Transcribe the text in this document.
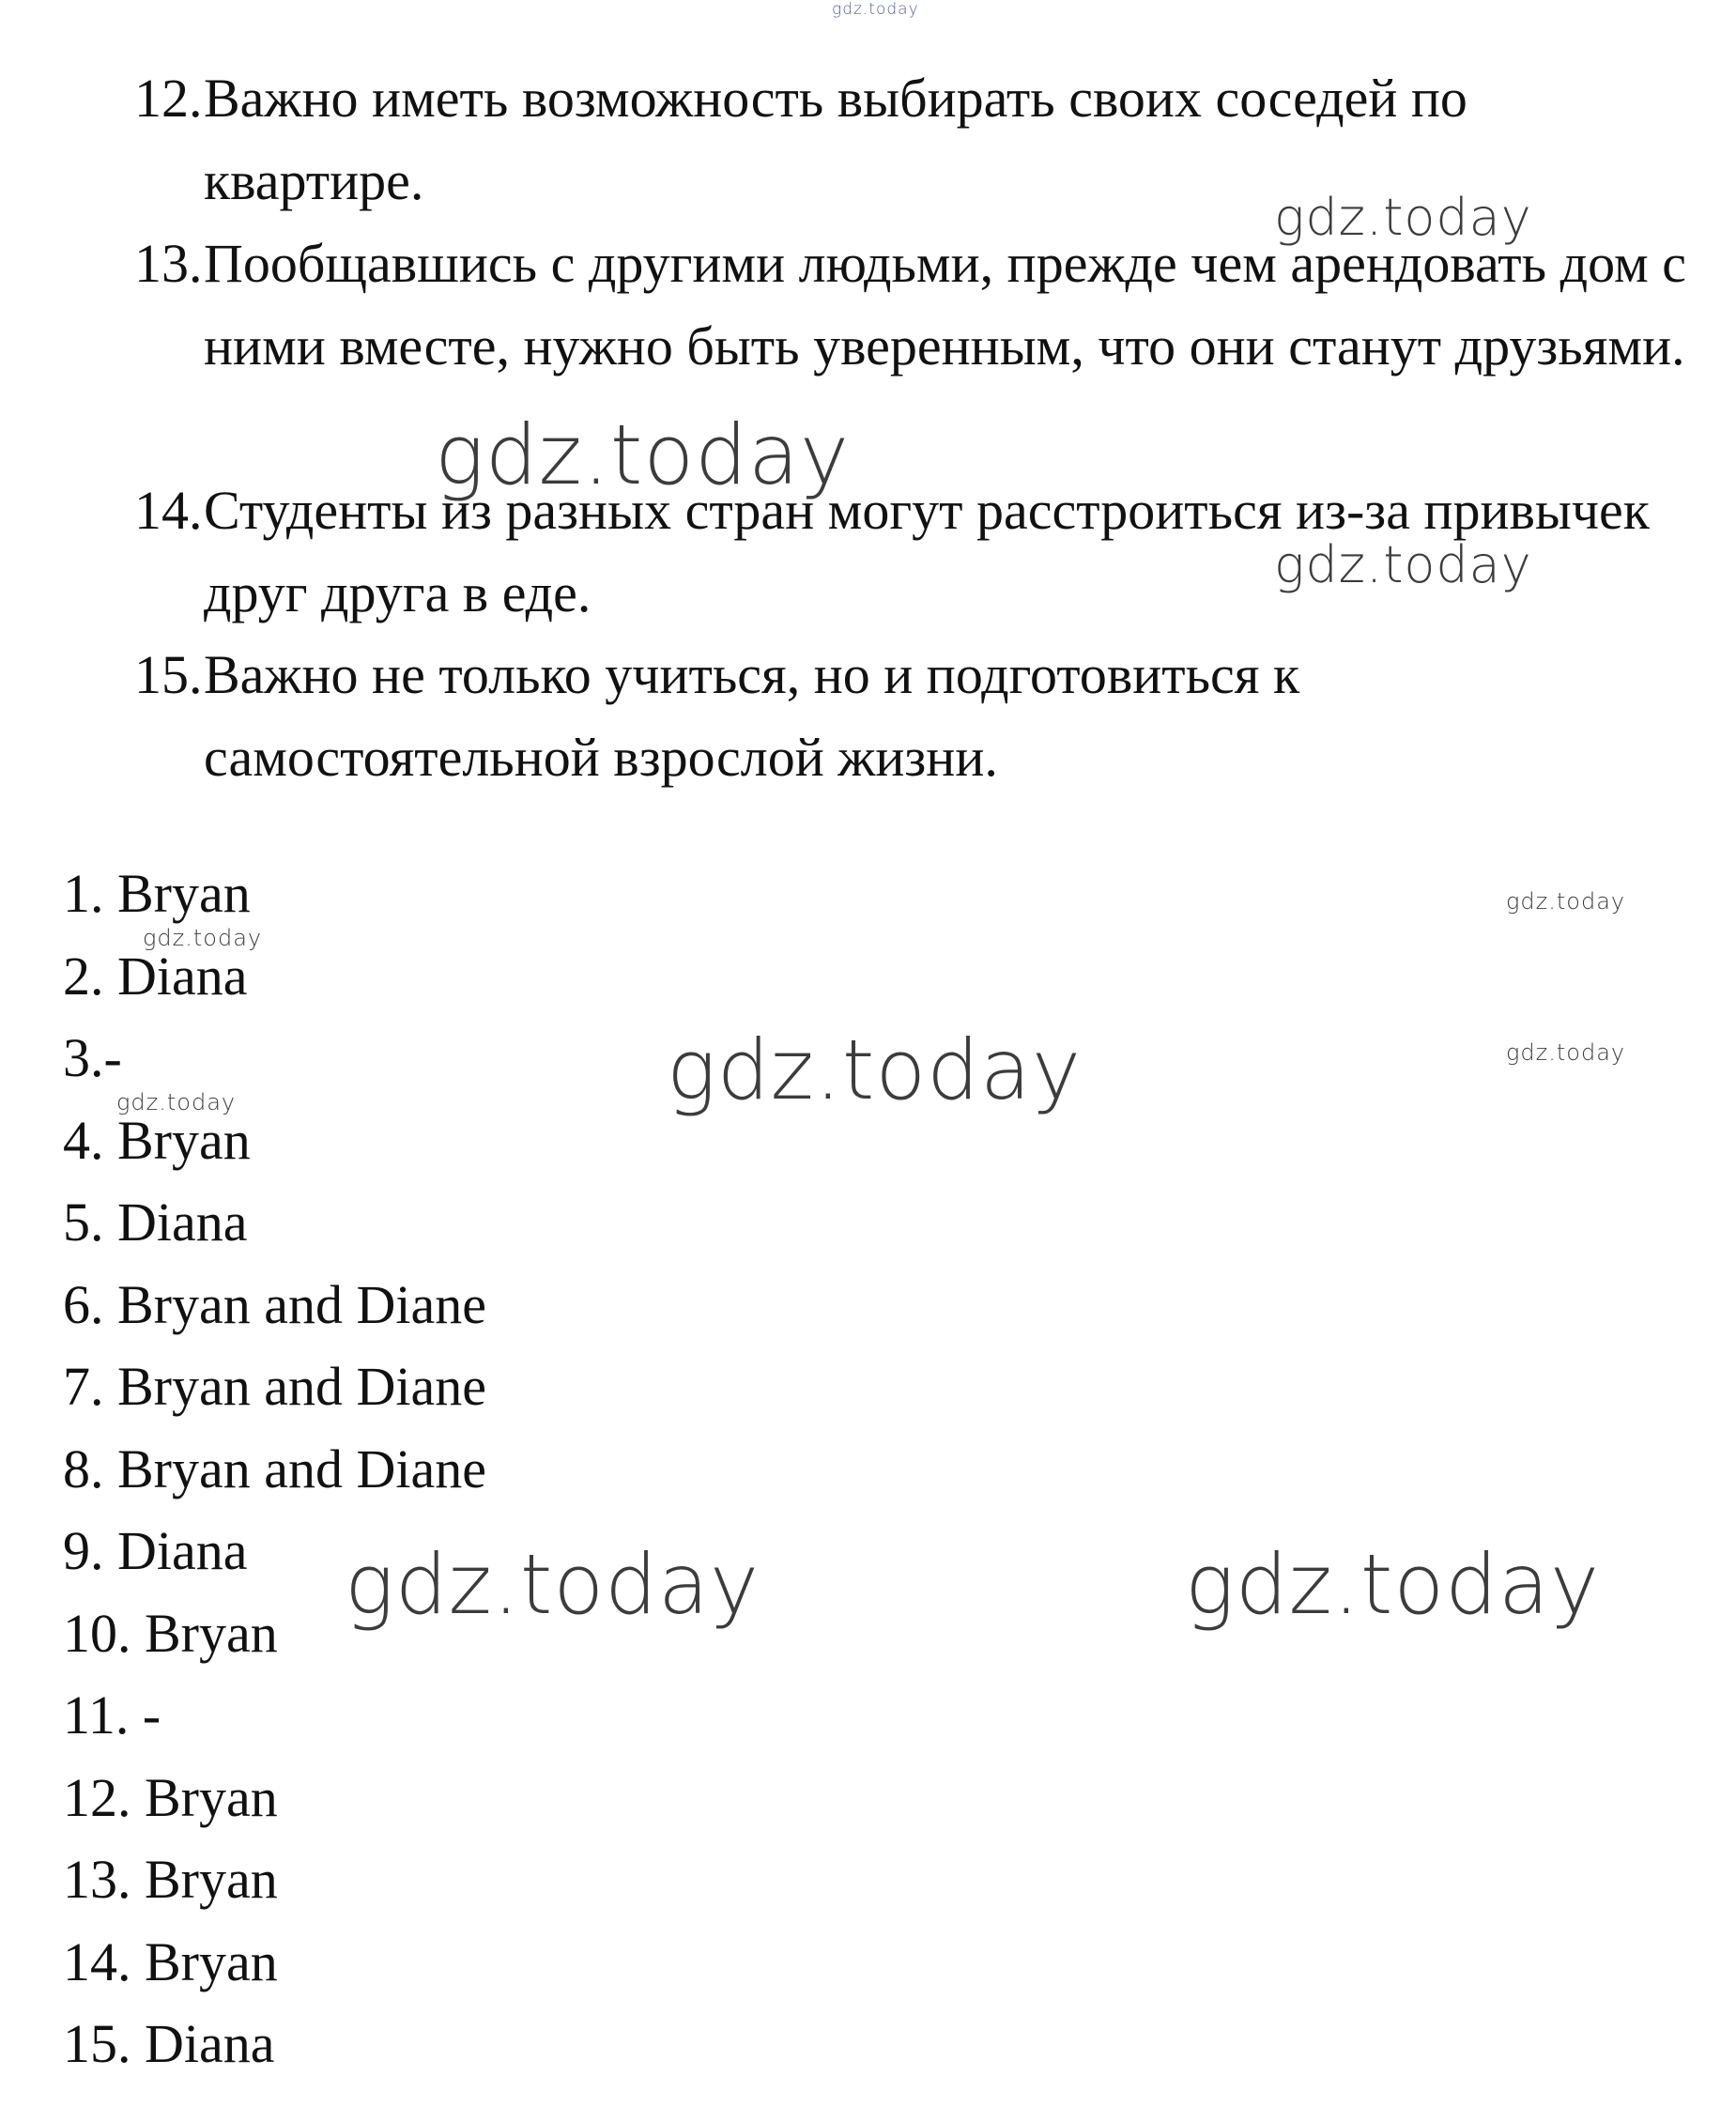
12. Важно иметь возможность выбирать своих соседей по квартире.
13. Пообщавшись с другими людьми, прежде чем арендовать дом с ними вместе, нужно быть уверенным, что они станут друзьями.
14. Студенты из разных стран могут расстроиться из-за привычек друг друга в еде.
15. Важно не только учиться, но и подготовиться к самостоятельной взрослой жизни.
1. Bryan
2. Diana
3.-
4. Bryan
5. Diana
6. Bryan and Diane
7. Bryan and Diane
8. Bryan and Diane
9. Diana
10. Bryan
11. -
12. Bryan
13. Bryan
14. Bryan
15. Diana
gdz.today
gdz.today
gdz.today
gdz.today
gdz.today
gdz.today
gdz.today
gdz.today
gdz.today
gdz.today	gdz.today
